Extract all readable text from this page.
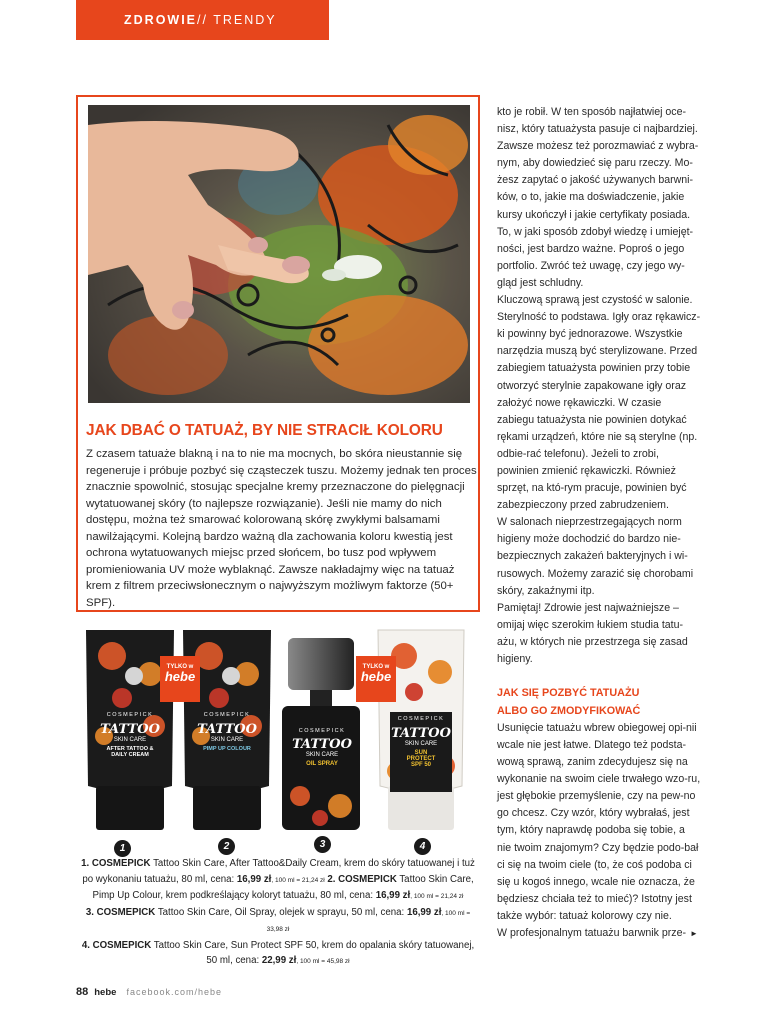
ZDROWIE // TRENDY
JAK DBAĆ O TATUAŻ, BY NIE STRACIŁ KOLORU
Z czasem tatuaże blakną i na to nie ma mocnych, bo skóra nieustannie się regeneruje i próbuje pozbyć się cząsteczek tuszu. Możemy jednak ten proces znacznie spowolnić, stosując specjalne kremy przeznaczone do pielęgnacji wytatuowanej skóry (to najlepsze rozwiązanie). Jeśli nie mamy do nich dostępu, można też smarować kolorowaną skórę zwykłymi balsamami nawilżającymi. Kolejną bardzo ważną dla zachowania koloru kwestią jest ochrona wytatuowanych miejsc przed słońcem, bo tusz pod wpływem promieniowania UV może wyblaknąć. Zawsze nakładajmy więc na tatuaż krem z filtrem przeciwsłonecznym o najwyższym możliwym faktorze (50+ SPF).
COSMEPICK
TATTOO
SKIN CARE
AFTER TATTOO & DAILY CREAM
COSMEPICK
TATTOO
SKIN CARE
PIMP UP COLOUR
COSMEPICK
TATTOO
SKIN CARE
OIL SPRAY
COSMEPICK
TATTOO
SKIN CARE
SUN PROTECT SPF 50
TYLKO w
hebe
TYLKO w
hebe
1	2	3	4
1. COSMEPICK Tattoo Skin Care, After Tattoo&Daily Cream, krem do skóry tatuowanej i tuż po wykonaniu tatuażu, 80 ml, cena: 16,99 zł, 100 ml = 21,24 zł 2. COSMEPICK Tattoo Skin Care, Pimp Up Colour, krem podkreślający koloryt tatuażu, 80 ml, cena: 16,99 zł, 100 ml = 21,24 zł
3. COSMEPICK Tattoo Skin Care, Oil Spray, olejek w sprayu, 50 ml, cena: 16,99 zł, 100 ml = 33,98 zł
4. COSMEPICK Tattoo Skin Care, Sun Protect SPF 50, krem do opalania skóry tatuowanej, 50 ml, cena: 22,99 zł, 100 ml = 45,98 zł

kto je robił. W ten sposób najłatwiej oce-nisz, który tatuażysta pasuje ci najbardziej. Zawsze możesz też porozmawiać z wybra-nym, aby dowiedzieć się paru rzeczy. Mo-żesz zapytać o jakość używanych barwni-ków, o to, jakie ma doświadczenie, jakie kursy ukończył i jakie certyfikaty posiada. To, w jaki sposób zdobył wiedzę i umiejęt-ności, jest bardzo ważne. Poproś o jego portfolio. Zwróć też uwagę, czy jego wy-gląd jest schludny.

Kluczową sprawą jest czystość w salonie. Sterylność to podstawa. Igły oraz rękawicz-ki powinny być jednorazowe. Wszystkie narzędzia muszą być sterylizowane. Przed zabiegiem tatuażysta powinien przy tobie otworzyć sterylnie zapakowane igły oraz założyć nowe rękawiczki. W czasie zabiegu tatuażysta nie powinien dotykać rękami urządzeń, które nie są sterylne (np. odbie-rać telefonu). Jeżeli to zrobi, powinien zmienić rękawiczki. Również sprzęt, na któ-rym pracuje, powinien być zabezpieczony przed zabrudzeniem.

W salonach nieprzestrzegających norm higieny może dochodzić do bardzo nie-bezpiecznych zakażeń bakteryjnych i wi-rusowych. Możemy zarazić się chorobami skóry, zakaźnymi itp.

Pamiętaj! Zdrowie jest najważniejsze – omijaj więc szerokim łukiem studia tatu-ażu, w których nie przestrzega się zasad higieny.

JAK SIĘ POZBYĆ TATUAŻU
ALBO GO ZMODYFIKOWAĆ

Usunięcie tatuażu wbrew obiegowej opi-nii wcale nie jest łatwe. Dlatego też podsta-wową sprawą, zanim zdecydujesz się na wykonanie na swoim ciele trwałego wzo-ru, jest głębokie przemyślenie, czy na pew-no go chcesz. Czy wzór, który wybrałaś, jest tym, który naprawdę podoba się tobie, a nie twoim znajomym? Czy będzie podo-bał ci się na twoim ciele (to, że coś podoba ci się u kogoś innego, wcale nie oznacza, że będziesz chciała też to mieć)? Istotny jest także wybór: tatuaż kolorowy czy nie.

W profesjonalnym tatuażu barwnik prze- ►

88 hebe facebook.com/hebe
